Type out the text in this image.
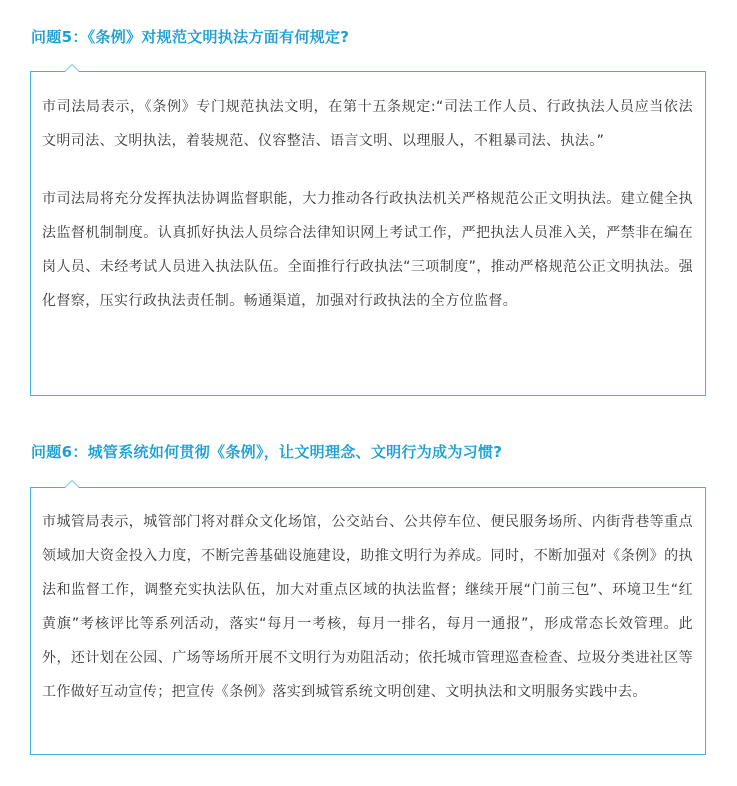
问题5：《条例》对规范文明执法方面有何规定?

市司法局表示，《条例》专门规范执法文明，在第十五条规定:“司法工作人员、行政执法人员应当依法文明司法、文明执法，着装规范、仪容整洁、语言文明、以理服人，不粗暴司法、执法。”

市司法局将充分发挥执法协调监督职能，大力推动各行政执法机关严格规范公正文明执法。建立健全执法监督机制制度。认真抓好执法人员综合法律知识网上考试工作，严把执法人员准入关，严禁非在编在岗人员、未经考试人员进入执法队伍。全面推行行政执法“三项制度”，推动严格规范公正文明执法。强化督察，压实行政执法责任制。畅通渠道，加强对行政执法的全方位监督。

问题6：城管系统如何贯彻《条例》，让文明理念、文明行为成为习惯?

市城管局表示，城管部门将对群众文化场馆，公交站台、公共停车位、便民服务场所、内街背巷等重点领域加大资金投入力度，不断完善基础设施建设，助推文明行为养成。同时，不断加强对《条例》的执法和监督工作，调整充实执法队伍，加大对重点区域的执法监督；继续开展“门前三包”、环境卫生“红黄旗”考核评比等系列活动，落实“每月一考核，每月一排名，每月一通报”，形成常态长效管理。此外，还计划在公园、广场等场所开展不文明行为劝阻活动；依托城市管理巡查检查、垃圾分类进社区等工作做好互动宣传；把宣传《条例》落实到城管系统文明创建、文明执法和文明服务实践中去。
